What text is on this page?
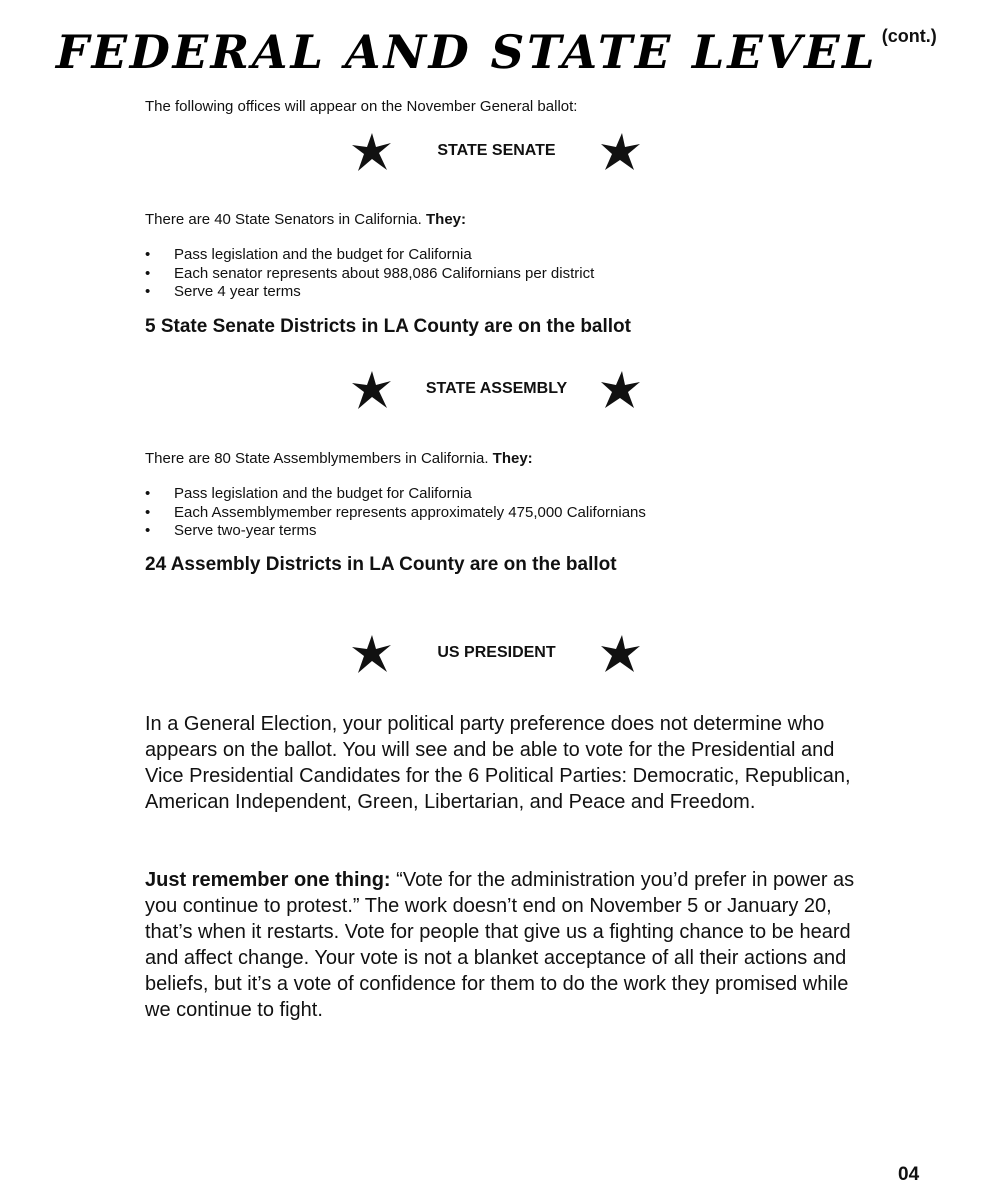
FEDERAL AND STATE LEVEL(cont.)
The following offices will appear on the November General ballot:
STATE SENATE
There are 40 State Senators in California. They:
• Pass legislation and the budget for California
• Each senator represents about 988,086 Californians per district
• Serve 4 year terms
5 State Senate Districts in LA County are on the ballot
STATE ASSEMBLY
There are 80 State Assemblymembers in California. They:
• Pass legislation and the budget for California
• Each Assemblymember represents approximately 475,000 Californians
• Serve two-year terms
24 Assembly Districts in LA County are on the ballot
US PRESIDENT
In a General Election, your political party preference does not determine who appears on the ballot. You will see and be able to vote for the Presidential and Vice Presidential Candidates for the 6 Political Parties: Democratic, Republican, American Independent, Green, Libertarian, and Peace and Freedom.
Just remember one thing: “Vote for the administration you’d prefer in power as you continue to protest.” The work doesn’t end on November 5 or January 20, that’s when it restarts. Vote for people that give us a fighting chance to be heard and affect change. Your vote is not a blanket acceptance of all their actions and beliefs, but it’s a vote of confidence for them to do the work they promised while we continue to fight.
04
